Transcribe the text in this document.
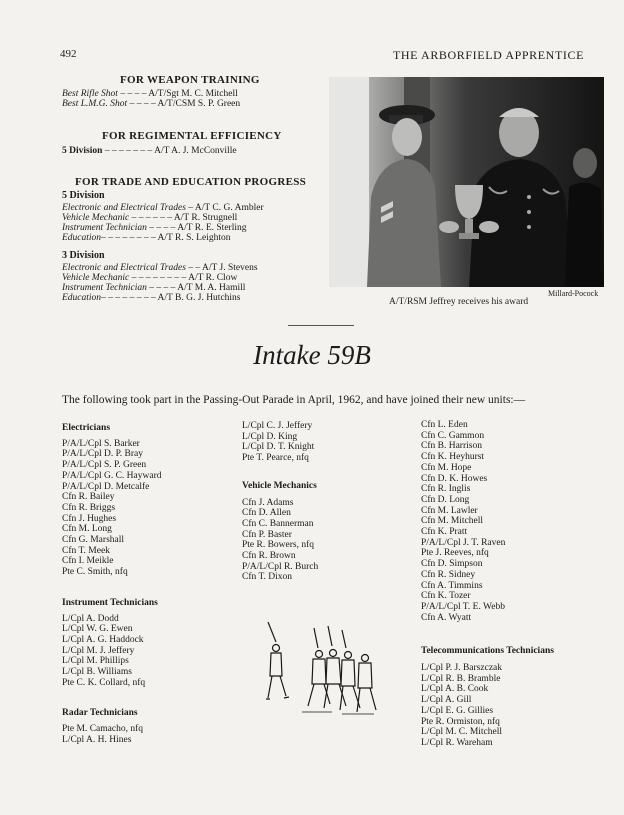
492	THE ARBORFIELD APPRENTICE
FOR WEAPON TRAINING
Best Rifle Shot – – – – A/T/Sgt M. C. Mitchell
Best L.M.G. Shot – – – – A/T/CSM S. P. Green
FOR REGIMENTAL EFFICIENCY
5 Division – – – – – – – A/T A. J. McConville
FOR TRADE AND EDUCATION PROGRESS
5 Division
Electronic and Electrical Trades – A/T C. G. Ambler
Vehicle Mechanic – – – – – – A/T R. Strugnell
Instrument Technician – – – – A/T R. E. Sterling
Education– – – – – – – – A/T R. S. Leighton
3 Division
Electronic and Electrical Trades – – A/T J. Stevens
Vehicle Mechanic – – – – – – – – A/T R. Clow
Instrument Technician – – – – A/T M. A. Hamill
Education– – – – – – – – A/T B. G. J. Hutchins	Millard-Pocock
A/T/RSM Jeffrey receives his award
Intake 59B
The following took part in the Passing-Out Parade in April, 1962, and have joined their new units:—
Electricians
P/A/L/Cpl S. Barker
P/A/L/Cpl D. P. Bray
P/A/L/Cpl S. P. Green
P/A/L/Cpl G. C. Hayward
P/A/L/Cpl D. Metcalfe
Cfn R. Bailey
Cfn R. Briggs
Cfn J. Hughes
Cfn M. Long
Cfn G. Marshall
Cfn T. Meek
Cfn I. Meikle
Pte C. Smith, nfq
Instrument Technicians
L/Cpl A. Dodd
L/Cpl W. G. Ewen
L/Cpl A. G. Haddock
L/Cpl M. J. Jeffery
L/Cpl M. Phillips
L/Cpl B. Williams
Pte C. K. Collard, nfq
Radar Technicians
Pte M. Camacho, nfq
L/Cpl A. H. Hines
L/Cpl C. J. Jeffery
L/Cpl D. King
L/Cpl D. T. Knight
Pte T. Pearce, nfq
Vehicle Mechanics
Cfn J. Adams
Cfn D. Allen
Cfn C. Bannerman
Cfn P. Baster
Pte R. Bowers, nfq
Cfn R. Brown
P/A/L/Cpl R. Burch
Cfn T. Dixon
Cfn L. Eden
Cfn C. Gammon
Cfn B. Harrison
Cfn K. Heyhurst
Cfn M. Hope
Cfn D. K. Howes
Cfn R. Inglis
Cfn D. Long
Cfn M. Lawler
Cfn M. Mitchell
Cfn K. Pratt
P/A/L/Cpl J. T. Raven
Pte J. Reeves, nfq
Cfn D. Simpson
Cfn R. Sidney
Cfn A. Timmins
Cfn K. Tozer
P/A/L/Cpl T. E. Webb
Cfn A. Wyatt
Telecommunications Technicians
L/Cpl P. J. Barszczak
L/Cpl R. B. Bramble
L/Cpl A. B. Cook
L/Cpl A. Gill
L/Cpl E. G. Gillies
Pte R. Ormiston, nfq
L/Cpl M. C. Mitchell
L/Cpl R. Wareham
